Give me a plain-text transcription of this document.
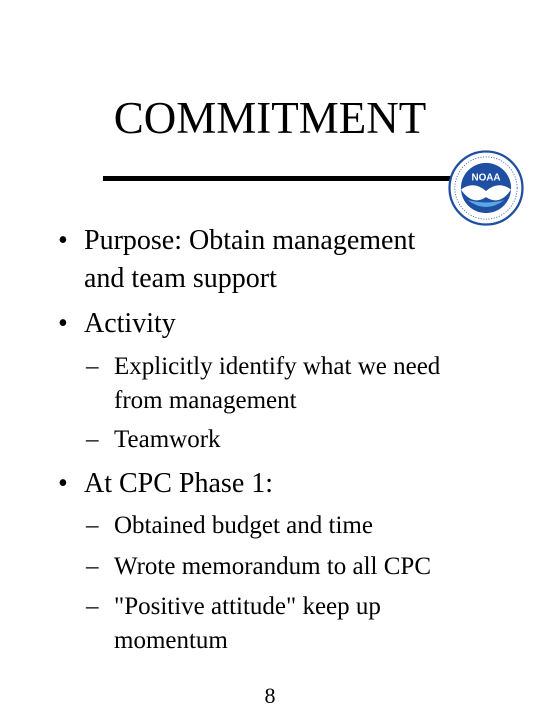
COMMITMENT
NOAA
• Purpose: Obtain management
and team support
• Activity
– Explicitly identify what we need
from management
– Teamwork
• At CPC Phase 1:
– Obtained budget and time
– Wrote memorandum to all CPC
– "Positive attitude" keep up
momentum
8
